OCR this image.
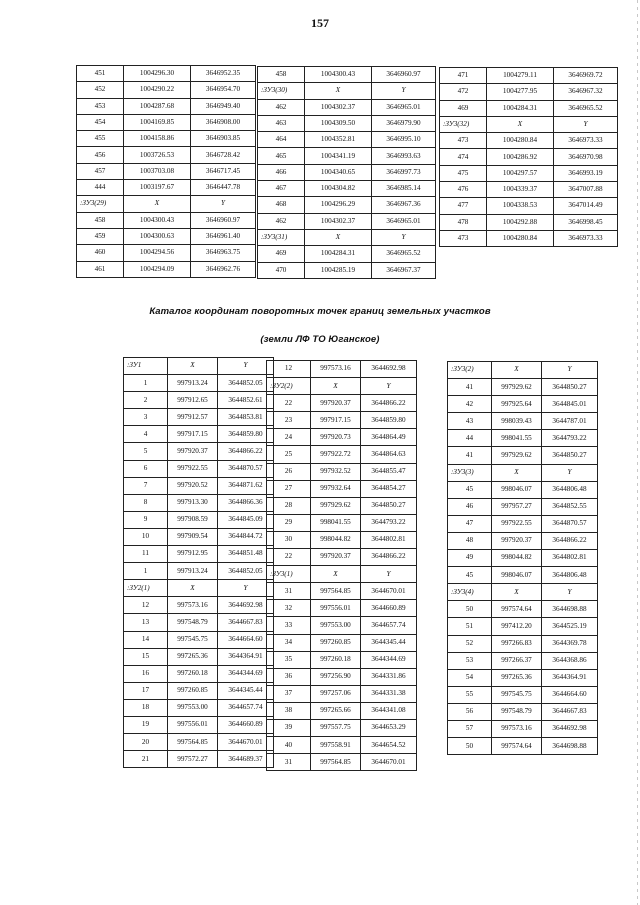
157
451	1004296.30	3646952.35
452	1004290.22	3646954.70
453	1004287.68	3646949.40
454	1004169.85	3646908.00
455	1004158.86	3646903.85
456	1003726.53	3646728.42
457	1003703.08	3646717.45
444	1003197.67	3646447.78
:ЗУ3(29)	X	Y
458	1004300.43	3646960.97
459	1004300.63	3646961.40
460	1004294.56	3646963.75
461	1004294.09	3646962.76
458	1004300.43	3646960.97
:ЗУ3(30)	X	Y
462	1004302.37	3646965.01
463	1004309.50	3646979.90
464	1004352.81	3646995.10
465	1004341.19	3646993.63
466	1004340.65	3646997.73
467	1004304.82	3646985.14
468	1004296.29	3646967.36
462	1004302.37	3646965.01
:ЗУ3(31)	X	Y
469	1004284.31	3646965.52
470	1004285.19	3646967.37
471	1004279.11	3646969.72
472	1004277.95	3646967.32
469	1004284.31	3646965.52
:ЗУ3(32)	X	Y
473	1004280.84	3646973.33
474	1004286.92	3646970.98
475	1004297.57	3646993.19
476	1004339.37	3647007.88
477	1004338.53	3647014.49
478	1004292.88	3646998.45
473	1004280.84	3646973.33
Каталог координат поворотных точек границ земельных участков
(земли ЛФ ТО Юганское)
:ЗУ1	X	Y
1	997913.24	3644852.05
2	997912.65	3644852.61
3	997912.57	3644853.81
4	997917.15	3644859.80
5	997920.37	3644866.22
6	997922.55	3644870.57
7	997920.52	3644871.62
8	997913.30	3644866.36
9	997908.59	3644845.09
10	997909.54	3644844.72
11	997912.95	3644851.48
1	997913.24	3644852.05
:ЗУ2(1)	X	Y
12	997573.16	3644692.98
13	997548.79	3644667.83
14	997545.75	3644664.60
15	997265.36	3644364.91
16	997260.18	3644344.69
17	997260.85	3644345.44
18	997553.00	3644657.74
19	997556.01	3644660.89
20	997564.85	3644670.01
21	997572.27	3644689.37
12	997573.16	3644692.98
:ЗУ2(2)	X	Y
22	997920.37	3644866.22
23	997917.15	3644859.80
24	997920.73	3644864.49
25	997922.72	3644864.63
26	997932.52	3644855.47
27	997932.64	3644854.27
28	997929.62	3644850.27
29	998041.55	3644793.22
30	998044.82	3644802.81
22	997920.37	3644866.22
:ЗУ3(1)	X	Y
31	997564.85	3644670.01
32	997556.01	3644660.89
33	997553.00	3644657.74
34	997260.85	3644345.44
35	997260.18	3644344.69
36	997256.90	3644331.86
37	997257.06	3644331.38
38	997265.66	3644341.08
39	997557.75	3644653.29
40	997558.91	3644654.52
31	997564.85	3644670.01
:ЗУ3(2)	X	Y
41	997929.62	3644850.27
42	997925.64	3644845.01
43	998039.43	3644787.01
44	998041.55	3644793.22
41	997929.62	3644850.27
:ЗУ3(3)	X	Y
45	998046.07	3644806.48
46	997957.27	3644852.55
47	997922.55	3644870.57
48	997920.37	3644866.22
49	998044.82	3644802.81
45	998046.07	3644806.48
:ЗУ3(4)	X	Y
50	997574.64	3644698.88
51	997412.20	3644525.19
52	997266.83	3644369.78
53	997266.37	3644368.86
54	997265.36	3644364.91
55	997545.75	3644664.60
56	997548.79	3644667.83
57	997573.16	3644692.98
50	997574.64	3644698.88
